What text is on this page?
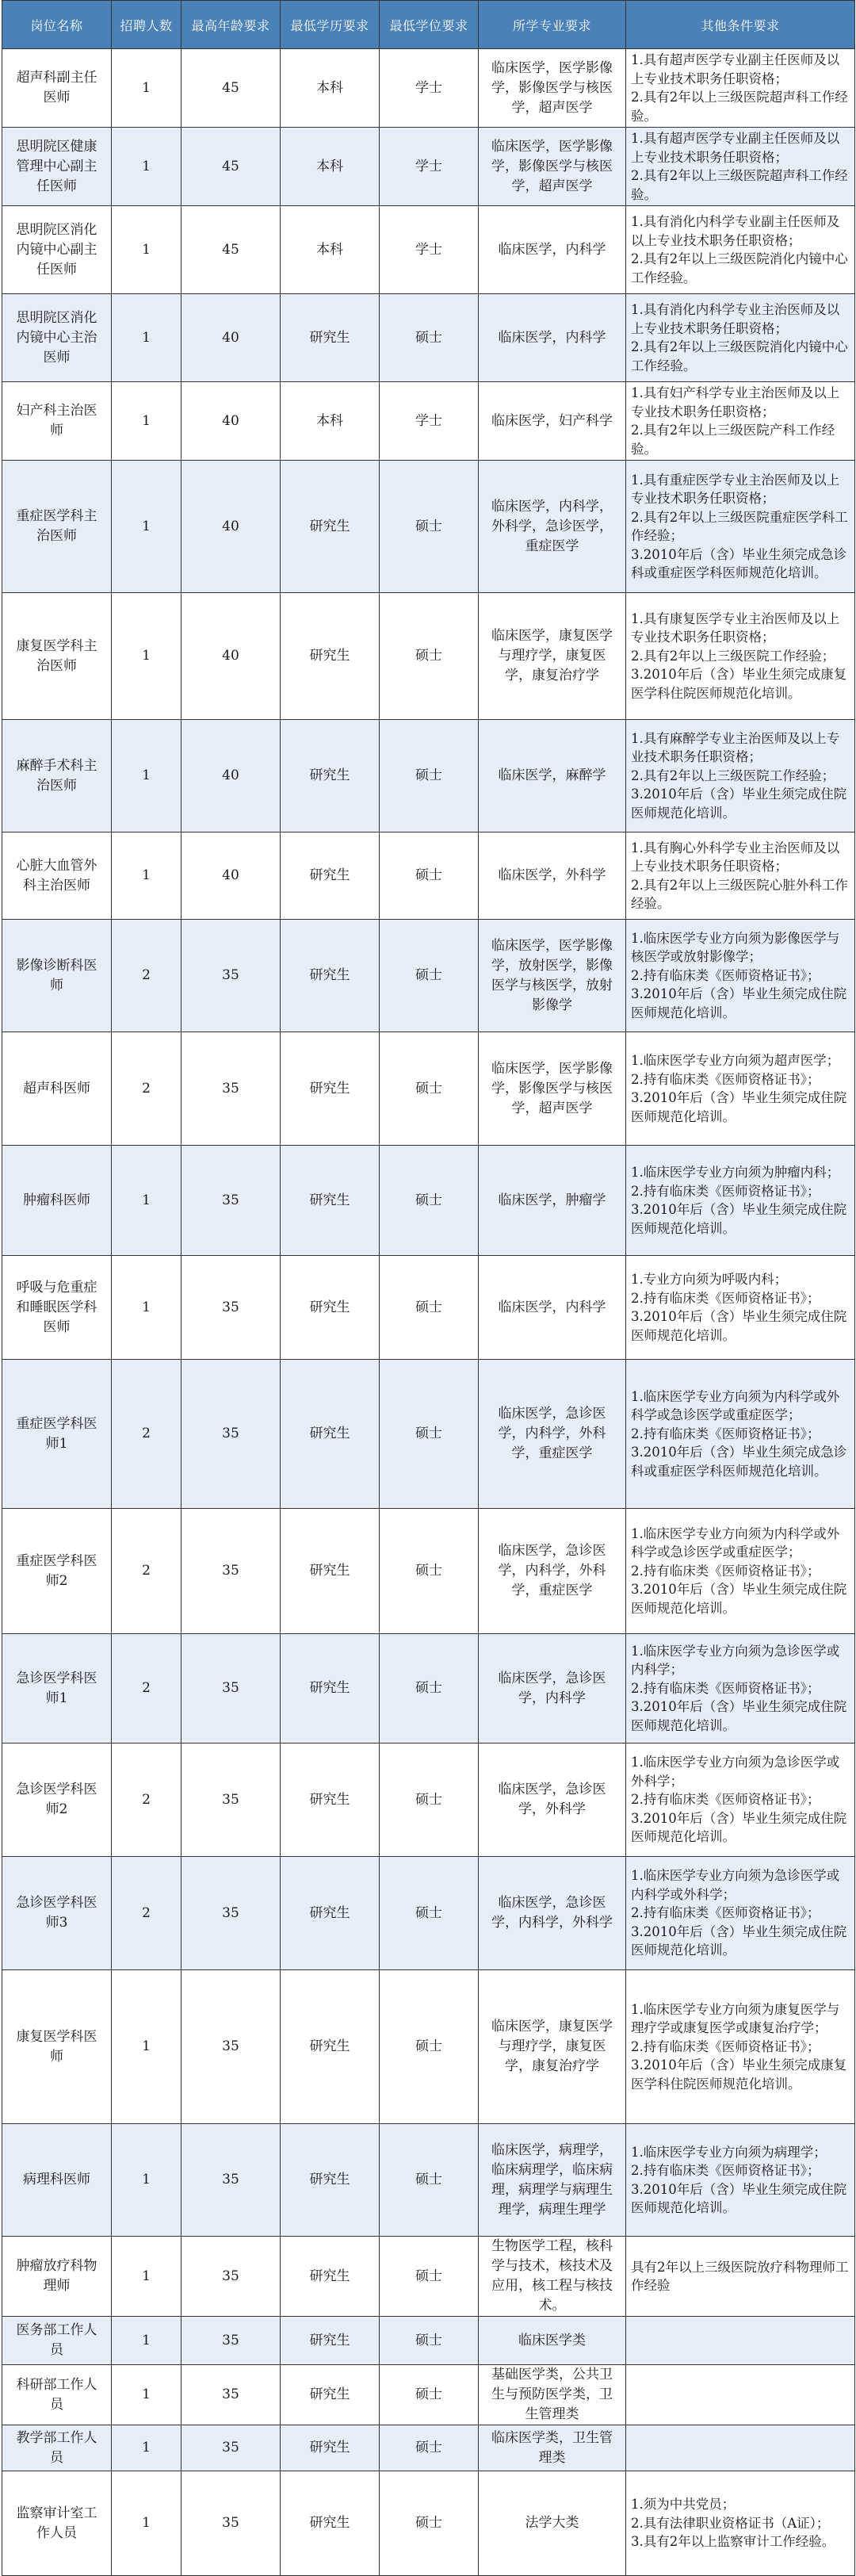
岗位名称	招聘人数	最高年龄要求	最低学历要求	最低学位要求	所学专业要求	其他条件要求
超声科副主任医师	1	45	本科	学士	临床医学，医学影像学，影像医学与核医学，超声医学	1.具有超声医学专业副主任医师及以上专业技术职务任职资格；
2.具有2年以上三级医院超声科工作经验。

思明院区健康管理中心副主任医师	1	45	本科	学士	临床医学，医学影像学，影像医学与核医学，超声医学	1.具有超声医学专业副主任医师及以上专业技术职务任职资格；
2.具有2年以上三级医院超声科工作经验。

思明院区消化内镜中心副主任医师	1	45	本科	学士	临床医学，内科学	1.具有消化内科学专业副主任医师及以上专业技术职务任职资格；
2.具有2年以上三级医院消化内镜中心工作经验。

思明院区消化内镜中心主治医师	1	40	研究生	硕士	临床医学，内科学	1.具有消化内科学专业主治医师及以上专业技术职务任职资格；
2.具有2年以上三级医院消化内镜中心工作经验。

妇产科主治医师	1	40	本科	学士	临床医学，妇产科学	1.具有妇产科学专业主治医师及以上专业技术职务任职资格；
2.具有2年以上三级医院产科工作经验。

重症医学科主治医师	1	40	研究生	硕士	临床医学，内科学，外科学，急诊医学，重症医学	1.具有重症医学专业主治医师及以上专业技术职务任职资格；
2.具有2年以上三级医院重症医学科工作经验；
3.2010年后（含）毕业生须完成急诊科或重症医学科医师规范化培训。

康复医学科主治医师	1	40	研究生	硕士	临床医学，康复医学与理疗学，康复医学，康复治疗学	1.具有康复医学专业主治医师及以上专业技术职务任职资格；
2.具有2年以上三级医院工作经验；
3.2010年后（含）毕业生须完成康复医学科住院医师规范化培训。

麻醉手术科主治医师	1	40	研究生	硕士	临床医学，麻醉学	1.具有麻醉学专业主治医师及以上专业技术职务任职资格；
2.具有2年以上三级医院工作经验；
3.2010年后（含）毕业生须完成住院医师规范化培训。

心脏大血管外科主治医师	1	40	研究生	硕士	临床医学，外科学	1.具有胸心外科学专业主治医师及以上专业技术职务任职资格；
2.具有2年以上三级医院心脏外科工作经验。

影像诊断科医师	2	35	研究生	硕士	临床医学，医学影像学，放射医学，影像医学与核医学，放射影像学	1.临床医学专业方向须为影像医学与核医学或放射影像学；
2.持有临床类《医师资格证书》；
3.2010年后（含）毕业生须完成住院医师规范化培训。

超声科医师	2	35	研究生	硕士	临床医学，医学影像学，影像医学与核医学，超声医学	1.临床医学专业方向须为超声医学；
2.持有临床类《医师资格证书》；
3.2010年后（含）毕业生须完成住院医师规范化培训。

肿瘤科医师	1	35	研究生	硕士	临床医学，肿瘤学	1.临床医学专业方向须为肿瘤内科；
2.持有临床类《医师资格证书》；
3.2010年后（含）毕业生须完成住院医师规范化培训。

呼吸与危重症和睡眠医学科医师	1	35	研究生	硕士	临床医学，内科学	1.专业方向须为呼吸内科；
2.持有临床类《医师资格证书》；
3.2010年后（含）毕业生须完成住院医师规范化培训。

重症医学科医师1	2	35	研究生	硕士	临床医学，急诊医学，内科学，外科学，重症医学	1.临床医学专业方向须为内科学或外科学或急诊医学或重症医学；
2.持有临床类《医师资格证书》；
3.2010年后（含）毕业生须完成急诊科或重症医学科医师规范化培训。

重症医学科医师2	2	35	研究生	硕士	临床医学，急诊医学，内科学，外科学，重症医学	1.临床医学专业方向须为内科学或外科学或急诊医学或重症医学；
2.持有临床类《医师资格证书》；
3.2010年后（含）毕业生须完成住院医师规范化培训。

急诊医学科医师1	2	35	研究生	硕士	临床医学，急诊医学，内科学	1.临床医学专业方向须为急诊医学或内科学；
2.持有临床类《医师资格证书》；
3.2010年后（含）毕业生须完成住院医师规范化培训。

急诊医学科医师2	2	35	研究生	硕士	临床医学，急诊医学，外科学	1.临床医学专业方向须为急诊医学或外科学；
2.持有临床类《医师资格证书》；
3.2010年后（含）毕业生须完成住院医师规范化培训。

急诊医学科医师3	2	35	研究生	硕士	临床医学，急诊医学，内科学，外科学	1.临床医学专业方向须为急诊医学或内科学或外科学；
2.持有临床类《医师资格证书》；
3.2010年后（含）毕业生须完成住院医师规范化培训。

康复医学科医师	1	35	研究生	硕士	临床医学，康复医学与理疗学，康复医学，康复治疗学	1.临床医学专业方向须为康复医学与理疗学或康复医学或康复治疗学；
2.持有临床类《医师资格证书》；
3.2010年后（含）毕业生须完成康复医学科住院医师规范化培训。

病理科医师	1	35	研究生	硕士	临床医学，病理学，临床病理学，临床病理，病理学与病理生理学，病理生理学	1.临床医学专业方向须为病理学；
2.持有临床类《医师资格证书》；
3.2010年后（含）毕业生须完成住院医师规范化培训。

肿瘤放疗科物理师	1	35	研究生	硕士	生物医学工程，核科学与技术，核技术及应用，核工程与核技术。	具有2年以上三级医院放疗科物理师工作经验

医务部工作人员	1	35	研究生	硕士	临床医学类	
科研部工作人员	1	35	研究生	硕士	基础医学类，公共卫生与预防医学类，卫生管理类	
教学部工作人员	1	35	研究生	硕士	临床医学类，卫生管理类	
监察审计室工作人员	1	35	研究生	硕士	法学大类	1.须为中共党员；
2.具有法律职业资格证书（A证）；
3.具有2年以上监察审计工作经验。
